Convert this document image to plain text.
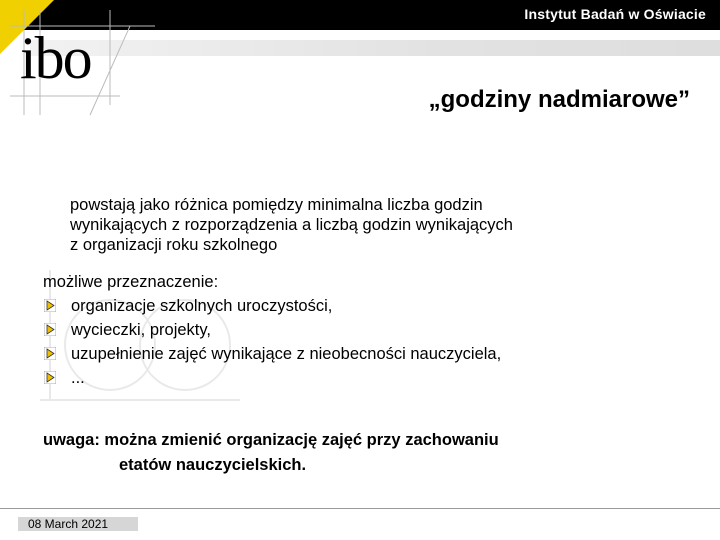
Instytut Badań w Oświacie
ibo
„godziny nadmiarowe”
powstają jako różnica pomiędzy minimalna liczba godzin
wynikających z rozporządzenia a liczbą godzin wynikających
z organizacji roku szkolnego
możliwe przeznaczenie:
organizacje szkolnych uroczystości,
wycieczki, projekty,
uzupełnienie zajęć wynikające z nieobecności nauczyciela,
...
uwaga: można zmienić organizację zajęć przy zachowaniu
etatów nauczycielskich.
08 March 2021
